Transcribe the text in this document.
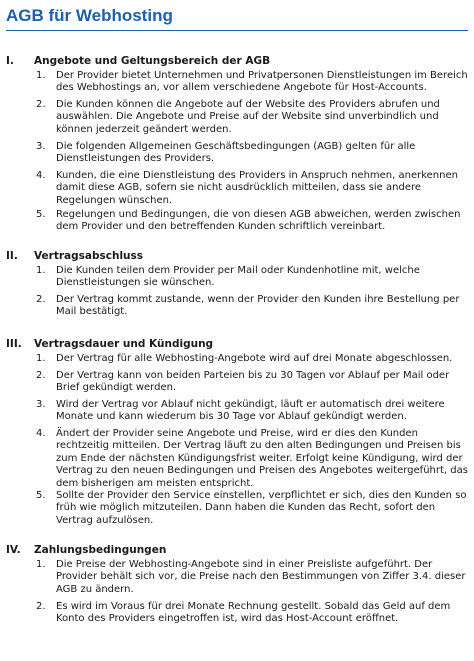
AGB für Webhosting
I. Angebote und Geltungsbereich der AGB
1. Der Provider bietet Unternehmen und Privatpersonen Dienstleistungen im Bereich
des Webhostings an, vor allem verschiedene Angebote für Host-Accounts.
2. Die Kunden können die Angebote auf der Website des Providers abrufen und
auswählen. Die Angebote und Preise auf der Website sind unverbindlich und
können jederzeit geändert werden.
3. Die folgenden Allgemeinen Geschäftsbedingungen (AGB) gelten für alle
Dienstleistungen des Providers.
4. Kunden, die eine Dienstleistung des Providers in Anspruch nehmen, anerkennen
damit diese AGB, sofern sie nicht ausdrücklich mitteilen, dass sie andere
Regelungen wünschen.
5. Regelungen und Bedingungen, die von diesen AGB abweichen, werden zwischen
dem Provider und den betreffenden Kunden schriftlich vereinbart.
II. Vertragsabschluss
1. Die Kunden teilen dem Provider per Mail oder Kundenhotline mit, welche
Dienstleistungen sie wünschen.
2. Der Vertrag kommt zustande, wenn der Provider den Kunden ihre Bestellung per
Mail bestätigt.
III. Vertragsdauer und Kündigung
1. Der Vertrag für alle Webhosting-Angebote wird auf drei Monate abgeschlossen.
2. Der Vertrag kann von beiden Parteien bis zu 30 Tagen vor Ablauf per Mail oder
Brief gekündigt werden.
3. Wird der Vertrag vor Ablauf nicht gekündigt, läuft er automatisch drei weitere
Monate und kann wiederum bis 30 Tage vor Ablauf gekündigt werden.
4. Ändert der Provider seine Angebote und Preise, wird er dies den Kunden
rechtzeitig mitteilen. Der Vertrag läuft zu den alten Bedingungen und Preisen bis
zum Ende der nächsten Kündigungsfrist weiter. Erfolgt keine Kündigung, wird der
Vertrag zu den neuen Bedingungen und Preisen des Angebotes weitergeführt, das
dem bisherigen am meisten entspricht.
5. Sollte der Provider den Service einstellen, verpflichtet er sich, dies den Kunden so
früh wie möglich mitzuteilen. Dann haben die Kunden das Recht, sofort den
Vertrag aufzulösen.
IV. Zahlungsbedingungen
1. Die Preise der Webhosting-Angebote sind in einer Preisliste aufgeführt. Der
Provider behält sich vor, die Preise nach den Bestimmungen von Ziffer 3.4. dieser
AGB zu ändern.
2. Es wird im Voraus für drei Monate Rechnung gestellt. Sobald das Geld auf dem
Konto des Providers eingetroffen ist, wird das Host-Account eröffnet.
